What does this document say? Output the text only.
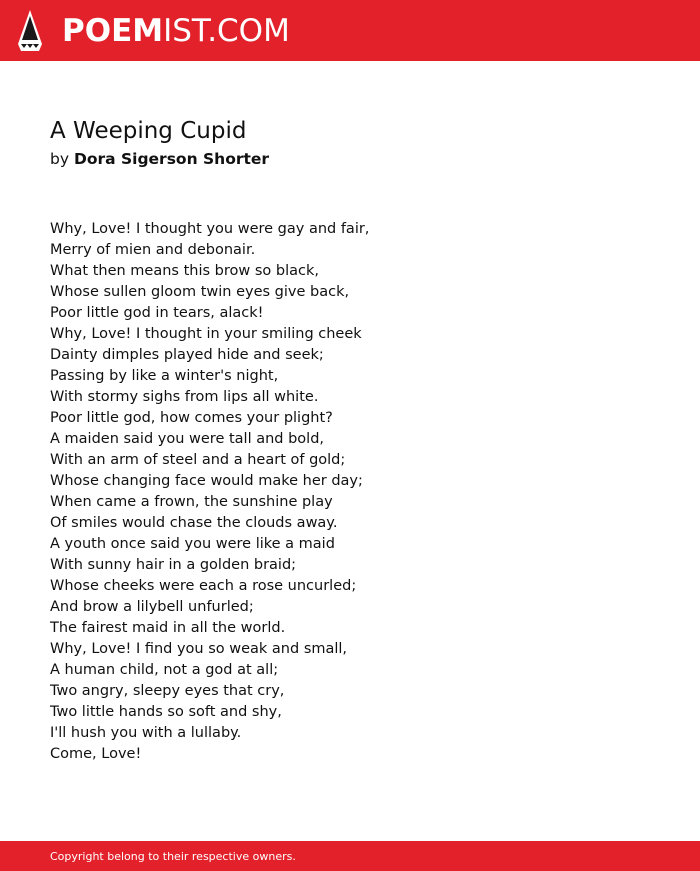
POEMIST.COM
A Weeping Cupid
by Dora Sigerson Shorter
Why, Love! I thought you were gay and fair,
Merry of mien and debonair.
What then means this brow so black,
Whose sullen gloom twin eyes give back,
Poor little god in tears, alack!
Why, Love! I thought in your smiling cheek
Dainty dimples played hide and seek;
Passing by like a winter's night,
With stormy sighs from lips all white.
Poor little god, how comes your plight?
A maiden said you were tall and bold,
With an arm of steel and a heart of gold;
Whose changing face would make her day;
When came a frown, the sunshine play
Of smiles would chase the clouds away.
A youth once said you were like a maid
With sunny hair in a golden braid;
Whose cheeks were each a rose uncurled;
And brow a lilybell unfurled;
The fairest maid in all the world.
Why, Love! I find you so weak and small,
A human child, not a god at all;
Two angry, sleepy eyes that cry,
Two little hands so soft and shy,
I'll hush you with a lullaby.
Come, Love!
Copyright belong to their respective owners.
